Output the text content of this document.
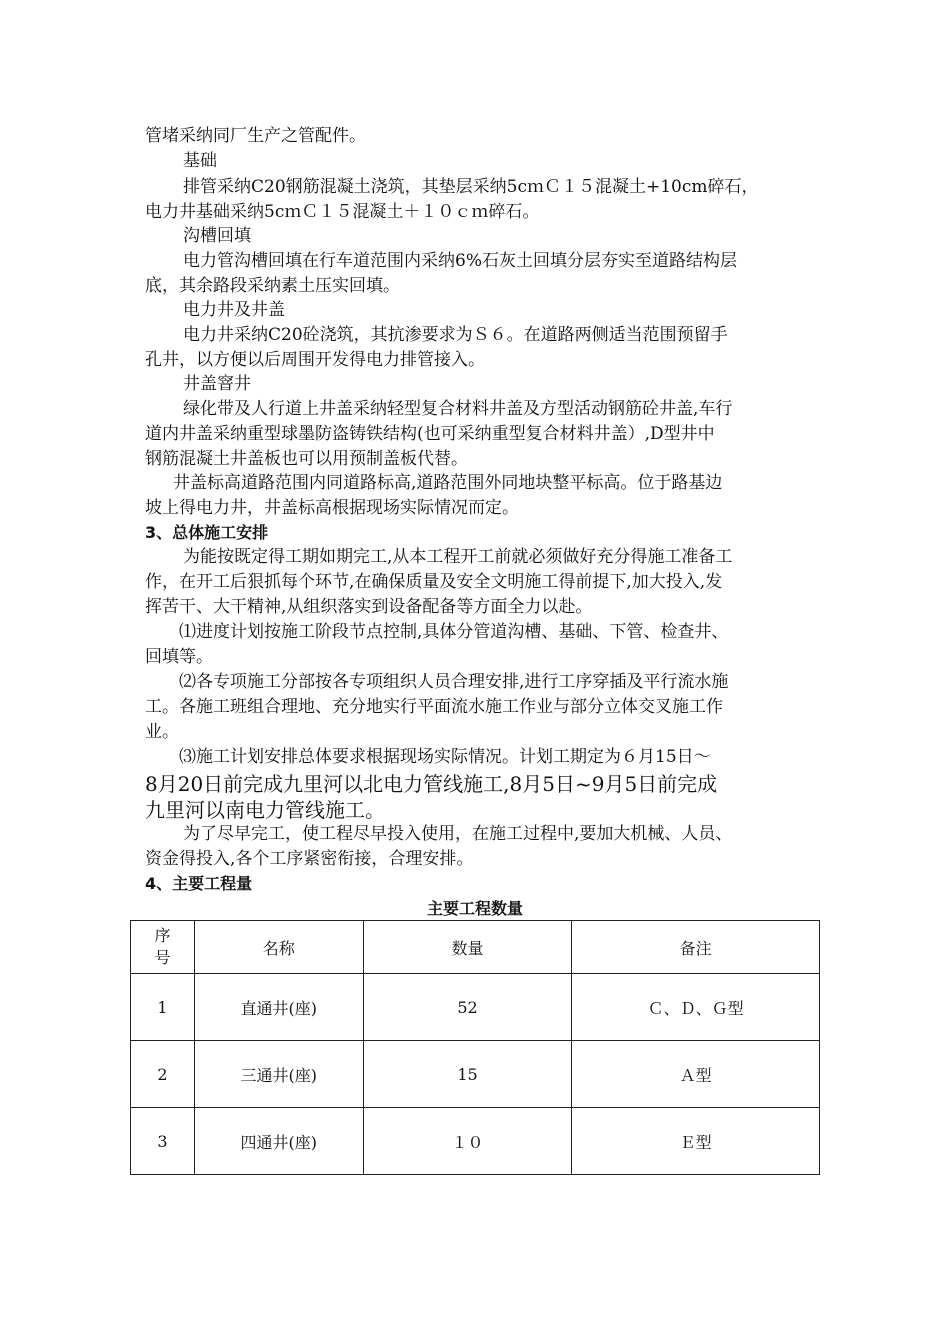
管堵采纳同厂生产之管配件。
基础
排管采纳C20钢筋混凝土浇筑，其垫层采纳5cｍＣ１５混凝土+10cm碎石，
电力井基础采纳5cｍＣ１５混凝土＋１０ｃｍ碎石。
沟槽回填
电力管沟槽回填在行车道范围内采纳6%石灰土回填分层夯实至道路结构层
底，其余路段采纳素土压实回填。
电力井及井盖
电力井采纳C20砼浇筑，其抗渗要求为Ｓ６。在道路两侧适当范围预留手
孔井，以方便以后周围开发得电力排管接入。
井盖窨井
绿化带及人行道上井盖采纳轻型复合材料井盖及方型活动钢筋砼井盖,车行
道内井盖采纳重型球墨防盗铸铁结构(也可采纳重型复合材料井盖）,D型井中
钢筋混凝土井盖板也可以用预制盖板代替。
井盖标高道路范围内同道路标高,道路范围外同地块整平标高。位于路基边
坡上得电力井，井盖标高根据现场实际情况而定。
3、总体施工安排
为能按既定得工期如期完工,从本工程开工前就必须做好充分得施工准备工
作，在开工后狠抓每个环节,在确保质量及安全文明施工得前提下,加大投入,发
挥苦干、大干精神,从组织落实到设备配备等方面全力以赴。
⑴进度计划按施工阶段节点控制,具体分管道沟槽、基础、下管、检查井、
回填等。
⑵各专项施工分部按各专项组织人员合理安排,进行工序穿插及平行流水施
工。各施工班组合理地、充分地实行平面流水施工作业与部分立体交叉施工作
业。
⑶施工计划安排总体要求根据现场实际情况。计划工期定为６月15日～
8月20日前完成九里河以北电力管线施工,8月5日~9月5日前完成
九里河以南电力管线施工。
为了尽早完工，使工程尽早投入使用，在施工过程中,要加大机械、人员、
资金得投入,各个工序紧密衔接，合理安排。
4、主要工程量
主要工程数量
序
号	名称	数量	备注
1	直通井(座)	52	Ｃ、Ｄ、Ｇ型
2	三通井(座)	15	Ａ型
3	四通井(座)	１０	Ｅ型
